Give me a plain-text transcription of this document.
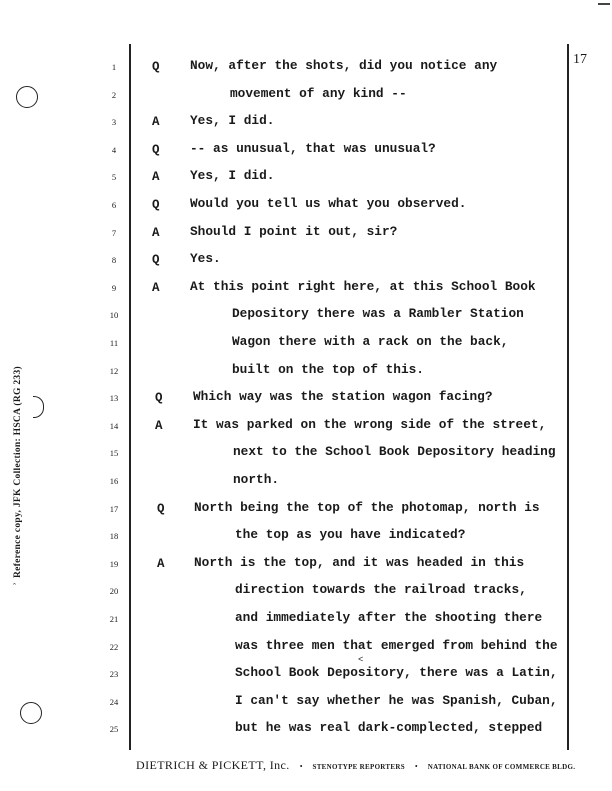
ˆ
Reference copy, JFK Collection: HSCA (RG 233)
17
1	Q Now, after the shots, did you notice any
2	movement of any kind --
3	A Yes, I did.
4	Q -- as unusual, that was unusual?
5	A Yes, I did.
6	Q Would you tell us what you observed.
7	A Should I point it out, sir?
8	Q Yes.
9	A At this point right here, at this School Book
10	Depository there was a Rambler Station
11	Wagon there with a rack on the back,
12	built on the top of this.
13	Q Which way was the station wagon facing?
14	A It was parked on the wrong side of the street,
15	next to the School Book Depository heading
16	north.
17	Q North being the top of the photomap, north is
18	the top as you have indicated?
19	A North is the top, and it was headed in this
20	direction towards the railroad tracks,
21	and immediately after the shooting there
22	was three men that emerged from behind the
23	School Book Depository, there was a Latin,
24	I can't say whether he was Spanish, Cuban,
25	but he was real dark-complected, stepped
<
DIETRICH & PICKETT, Inc. • STENOTYPE REPORTERS • NATIONAL BANK OF COMMERCE BLDG.
